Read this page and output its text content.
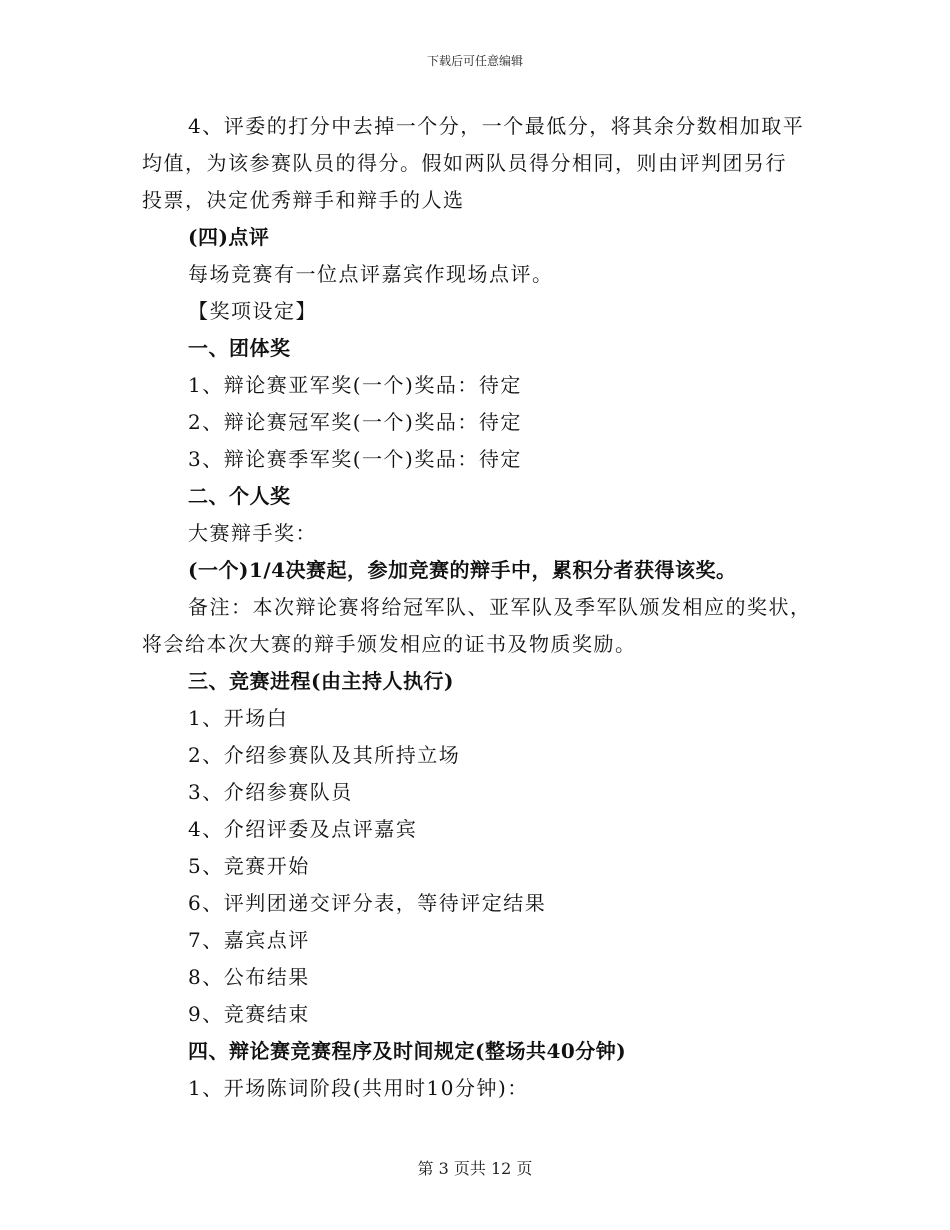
下载后可任意编辑
4、评委的打分中去掉一个分，一个最低分，将其余分数相加取平
均值，为该参赛队员的得分。假如两队员得分相同，则由评判团另行
投票，决定优秀辩手和辩手的人选
(四)点评
每场竞赛有一位点评嘉宾作现场点评。
【奖项设定】
一、团体奖
1、辩论赛亚军奖(一个)奖品：待定
2、辩论赛冠军奖(一个)奖品：待定
3、辩论赛季军奖(一个)奖品：待定
二、个人奖
大赛辩手奖：
(一个)1/4决赛起，参加竞赛的辩手中，累积分者获得该奖。
备注：本次辩论赛将给冠军队、亚军队及季军队颁发相应的奖状，
将会给本次大赛的辩手颁发相应的证书及物质奖励。
三、竞赛进程(由主持人执行)
1、开场白
2、介绍参赛队及其所持立场
3、介绍参赛队员
4、介绍评委及点评嘉宾
5、竞赛开始
6、评判团递交评分表，等待评定结果
7、嘉宾点评
8、公布结果
9、竞赛结束
四、辩论赛竞赛程序及时间规定(整场共40分钟)
1、开场陈词阶段(共用时10分钟)：
第 3 页共 12 页
